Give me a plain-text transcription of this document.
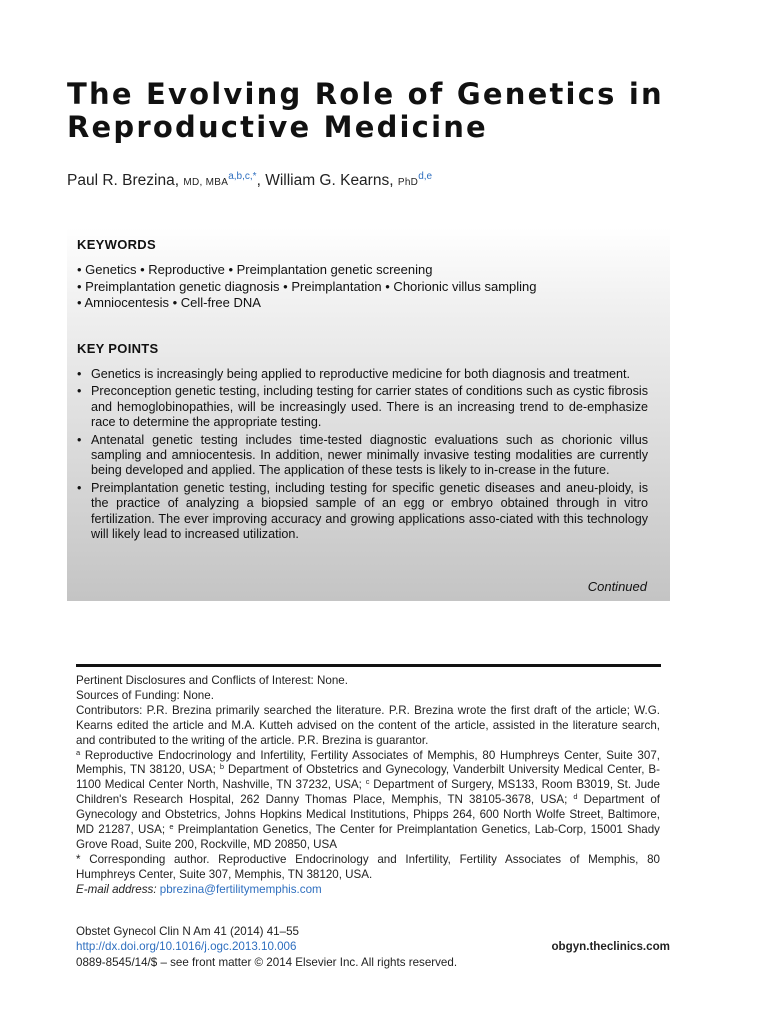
The Evolving Role of Genetics in
Reproductive Medicine
Paul R. Brezina, MD, $MBA^{a,b,c,*}$, William G. Kearns, PhD$^{d,e}$
KEYWORDS
• Genetics • Reproductive • Preimplantation genetic screening
• Preimplantation genetic diagnosis • Preimplantation • Chorionic villus sampling
• Amniocentesis • Cell-free DNA
KEY POINTS
• Genetics is increasingly being applied to reproductive medicine for both diagnosis and treatment.
• Preconception genetic testing, including testing for carrier states of conditions such as cystic fibrosis and hemoglobinopathies, will be increasingly used. There is an increasing trend to de-emphasize race to determine the appropriate testing.
• Antenatal genetic testing includes time-tested diagnostic evaluations such as chorionic villus sampling and amniocentesis. In addition, newer minimally invasive testing modalities are currently being developed and applied. The application of these tests is likely to in-crease in the future.
• Preimplantation genetic testing, including testing for specific genetic diseases and aneu-ploidy, is the practice of analyzing a biopsied sample of an egg or embryo obtained through in vitro fertilization. The ever improving accuracy and growing applications asso-ciated with this technology will likely lead to increased utilization.
Continued

Pertinent Disclosures and Conflicts of Interest: None.

Sources of Funding: None.

Contributors: P.R. Brezina primarily searched the literature. P.R. Brezina wrote the first draft of the article; W.G. Kearns edited the article and M.A. Kutteh advised on the content of the article, assisted in the literature search, and contributed to the writing of the article. P.R. Brezina is guarantor.

$^a$ Reproductive Endocrinology and Infertility, Fertility Associates of Memphis, 80 Humphreys Center, Suite 307, Memphis, TN 38120, USA; $^b$ Department of Obstetrics and Gynecology, Vanderbilt University Medical Center, B-1100 Medical Center North, Nashville, TN 37232, USA; $^c$ Department of Surgery, MS133, Room B3019, St. Jude Children's Research Hospital, 262 Danny Thomas Place, Memphis, TN 38105-3678, USA; $^d$ Department of Gynecology and Obstetrics, Johns Hopkins Medical Institutions, Phipps 264, 600 North Wolfe Street, Baltimore, MD 21287, USA; $^e$ Preimplantation Genetics, The Center for Preimplantation Genetics, Lab-Corp, 15001 Shady Grove Road, Suite 200, Rockville, MD 20850, USA

* Corresponding author. Reproductive Endocrinology and Infertility, Fertility Associates of Memphis, 80 Humphreys Center, Suite 307, Memphis, TN 38120, USA.

E-mail address: pbrezina@fertilitymemphis.com

Obstet Gynecol Clin N Am 41 (2014) 41–55
http://dx.doi.org/10.1016/j.ogc.2013.10.006	obgyn.theclinics.com
0889-8545/14/$ – see front matter © 2014 Elsevier Inc. All rights reserved.
